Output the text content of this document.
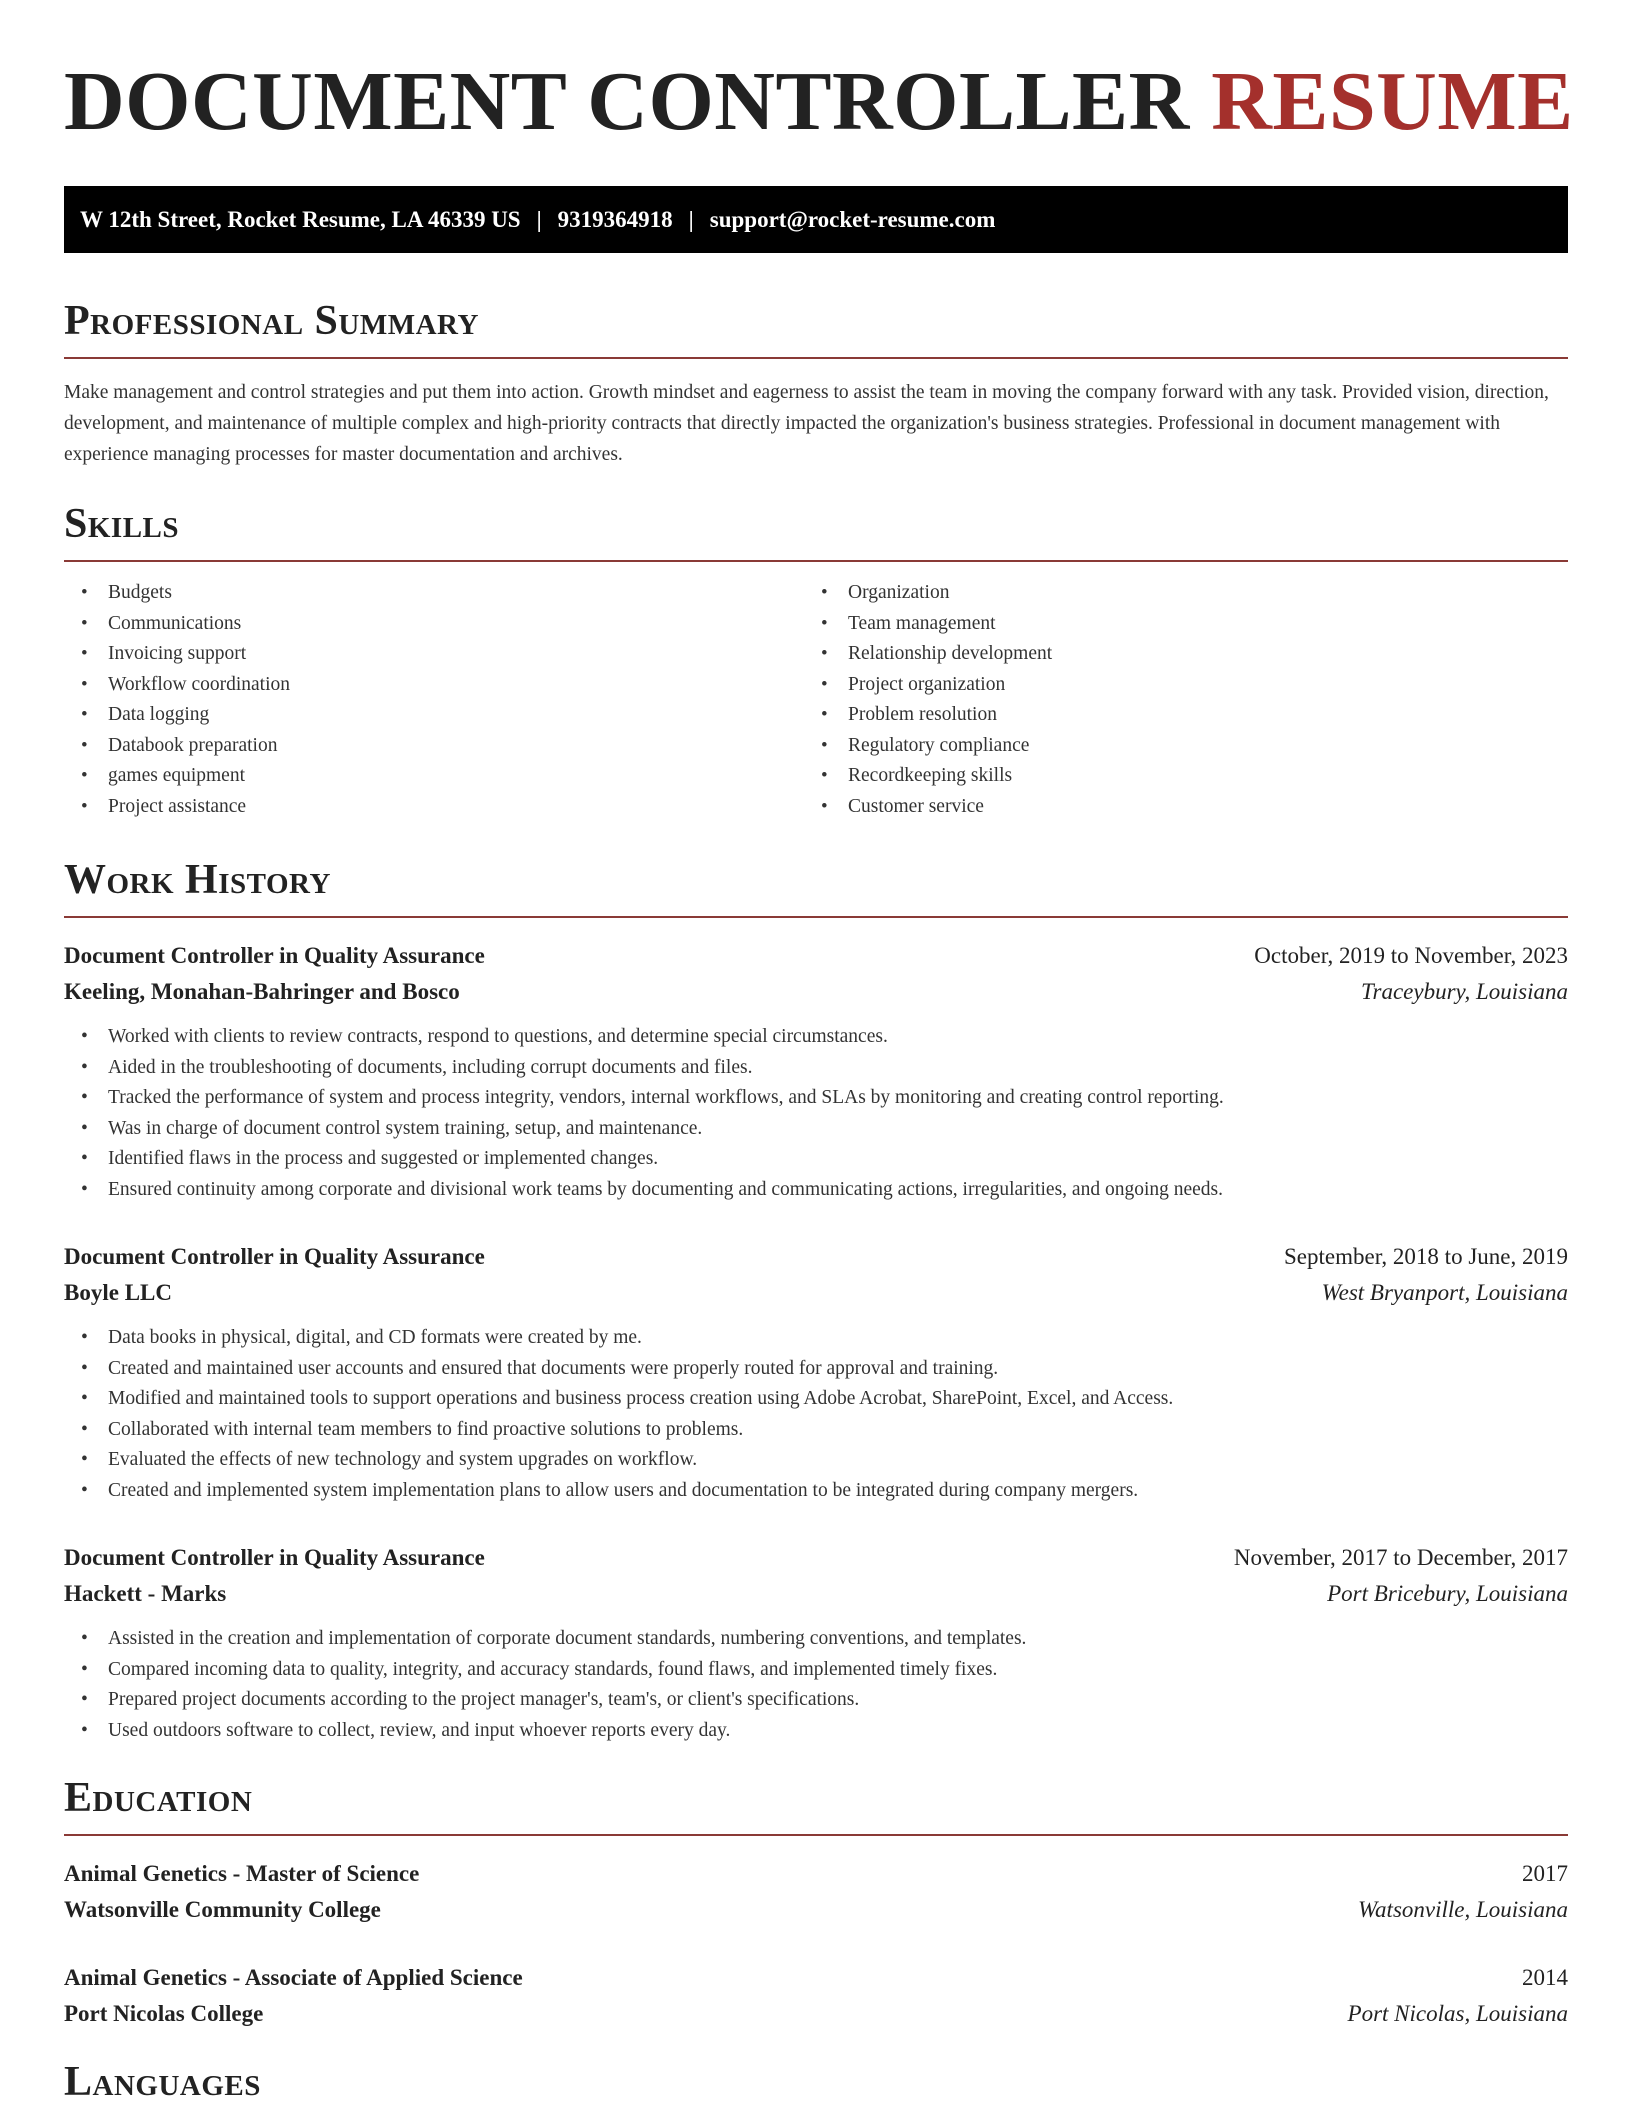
DOCUMENT CONTROLLER RESUME
W 12th Street, Rocket Resume, LA 46339 US | 9319364918 | support@rocket-resume.com
Professional Summary

Make management and control strategies and put them into action. Growth mindset and eagerness to assist the team in moving the company forward with any task. Provided vision, direction, development, and maintenance of multiple complex and high-priority contracts that directly impacted the organization's business strategies. Professional in document management with experience managing processes for master documentation and archives.

Skills
• Budgets
• Communications
• Invoicing support
• Workflow coordination
• Data logging
• Databook preparation
• games equipment
• Project assistance
• Organization
• Team management
• Relationship development
• Project organization
• Problem resolution
• Regulatory compliance
• Recordkeeping skills
• Customer service
Work History
Document Controller in Quality Assurance	October, 2019 to November, 2023
Keeling, Monahan-Bahringer and Bosco	Traceybury, Louisiana
• Worked with clients to review contracts, respond to questions, and determine special circumstances.
• Aided in the troubleshooting of documents, including corrupt documents and files.
• Tracked the performance of system and process integrity, vendors, internal workflows, and SLAs by monitoring and creating control reporting.
• Was in charge of document control system training, setup, and maintenance.
• Identified flaws in the process and suggested or implemented changes.
• Ensured continuity among corporate and divisional work teams by documenting and communicating actions, irregularities, and ongoing needs.
Document Controller in Quality Assurance	September, 2018 to June, 2019
Boyle LLC	West Bryanport, Louisiana
• Data books in physical, digital, and CD formats were created by me.
• Created and maintained user accounts and ensured that documents were properly routed for approval and training.
• Modified and maintained tools to support operations and business process creation using Adobe Acrobat, SharePoint, Excel, and Access.
• Collaborated with internal team members to find proactive solutions to problems.
• Evaluated the effects of new technology and system upgrades on workflow.
• Created and implemented system implementation plans to allow users and documentation to be integrated during company mergers.
Document Controller in Quality Assurance	November, 2017 to December, 2017
Hackett - Marks	Port Bricebury, Louisiana
• Assisted in the creation and implementation of corporate document standards, numbering conventions, and templates.
• Compared incoming data to quality, integrity, and accuracy standards, found flaws, and implemented timely fixes.
• Prepared project documents according to the project manager's, team's, or client's specifications.
• Used outdoors software to collect, review, and input whoever reports every day.
Education
Animal Genetics - Master of Science	2017
Watsonville Community College	Watsonville, Louisiana
Animal Genetics - Associate of Applied Science	2014
Port Nicolas College	Port Nicolas, Louisiana
Languages
